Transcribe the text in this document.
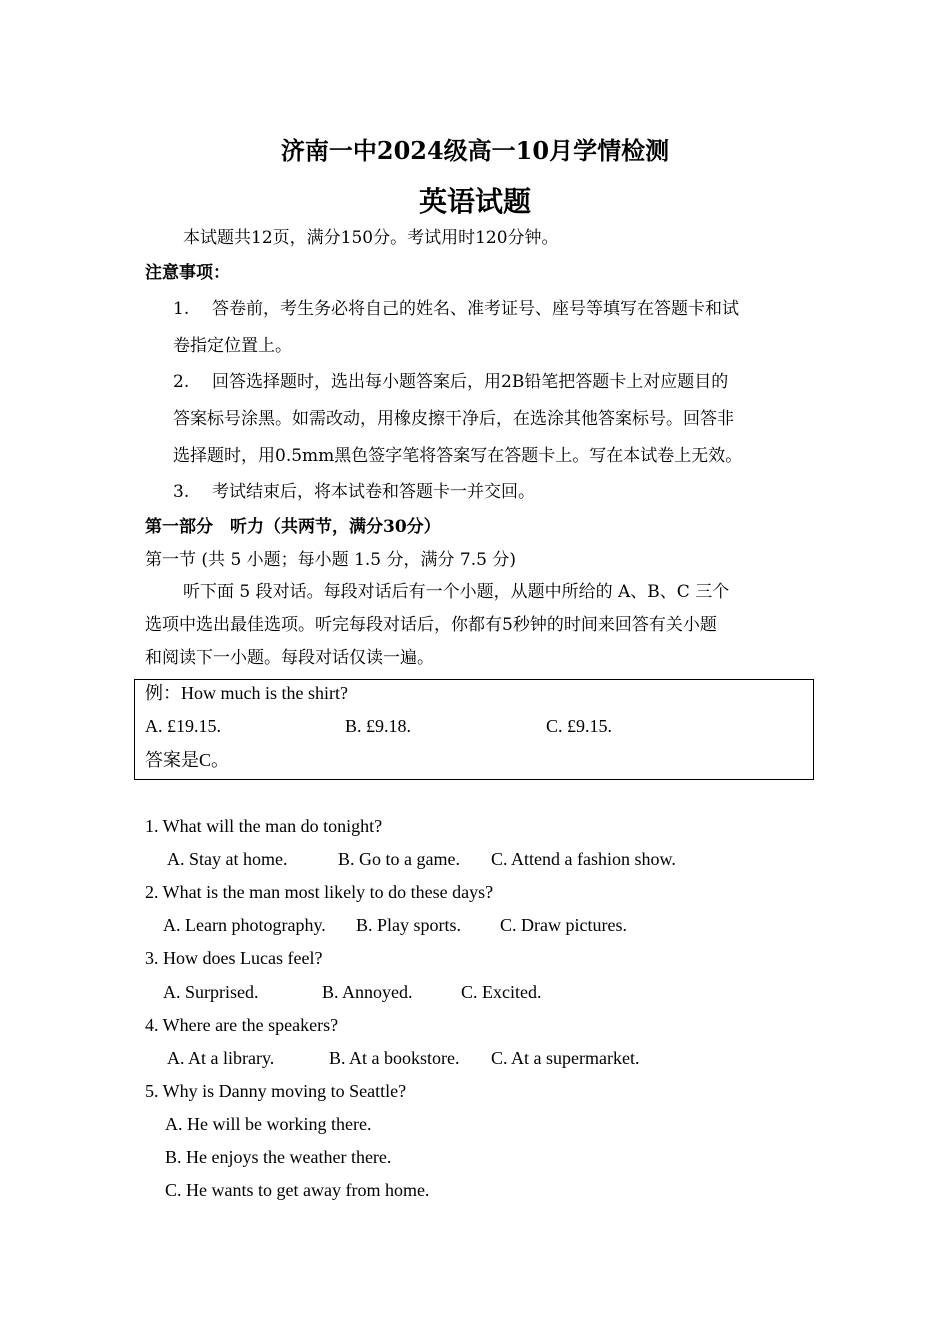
济南一中2024级高一10月学情检测
英语试题
本试题共12页，满分150分。考试用时120分钟。
注意事项：
1. 答卷前，考生务必将自己的姓名、准考证号、座号等填写在答题卡和试
卷指定位置上。
2. 回答选择题时，选出每小题答案后，用2B铅笔把答题卡上对应题目的
答案标号涂黑。如需改动，用橡皮擦干净后，在选涂其他答案标号。回答非
选择题时，用0.5mm黑色签字笔将答案写在答题卡上。写在本试卷上无效。
3. 考试结束后，将本试卷和答题卡一并交回。
第一部分　听力（共两节，满分30分）
第一节 (共 5 小题；每小题 1.5 分，满分 7.5 分)
听下面 5 段对话。每段对话后有一个小题，从题中所给的 A、B、C 三个
选项中选出最佳选项。听完每段对话后，你都有5秒钟的时间来回答有关小题
和阅读下一小题。每段对话仅读一遍。
例：How much is the shirt?
A. £19.15.	B. £9.18.	C. £9.15.
答案是C。
1. What will the man do tonight?
A. Stay at home.	B. Go to a game. C. Attend a fashion show.
2. What is the man most likely to do these days?
A. Learn photography. B. Play sports. C. Draw pictures.
3. How does Lucas feel?
A. Surprised.	B. Annoyed.	C. Excited.
4. Where are the speakers?
A. At a library.	B. At a bookstore. C. At a supermarket.
5. Why is Danny moving to Seattle?
A. He will be working there.
B. He enjoys the weather there.
C. He wants to get away from home.
